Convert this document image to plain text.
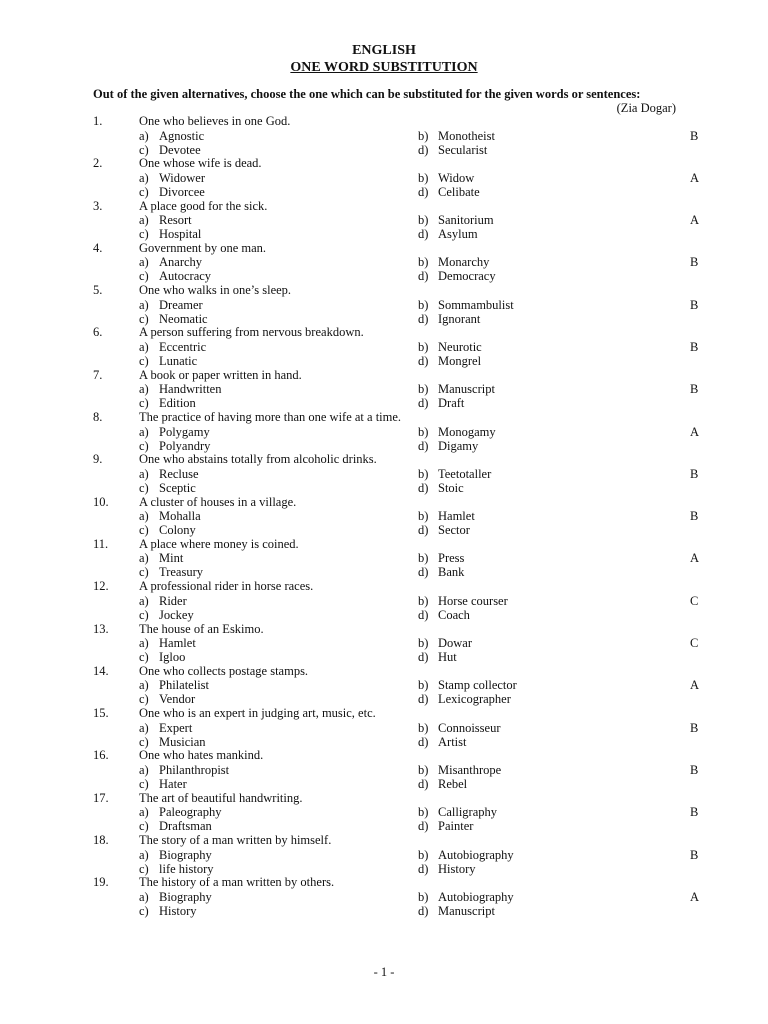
ENGLISH
ONE WORD SUBSTITUTION
Out of the given alternatives, choose the one which can be substituted for the given words or sentences:
(Zia Dogar)
1.	One who believes in one God.
a) Agnostic	b) Monotheist
c) Devotee	d) Secularist
B
2.	One whose wife is dead.
a) Widower	b) Widow
c) Divorcee	d) Celibate
A
3.	A place good for the sick.
a) Resort	b) Sanitorium
c) Hospital	d) Asylum
A
4.	Government by one man.
a) Anarchy	b) Monarchy
c) Autocracy	d) Democracy
B
5.	One who walks in one’s sleep.
a) Dreamer	b) Sommambulist
c) Neomatic	d) Ignorant
B
6.	A person suffering from nervous breakdown.
a) Eccentric	b) Neurotic
c) Lunatic	d) Mongrel
B
7.	A book or paper written in hand.
a) Handwritten	b) Manuscript
c) Edition	d) Draft
B
8.	The practice of having more than one wife at a time.
a) Polygamy	b) Monogamy
c) Polyandry	d) Digamy
A
9.	One who abstains totally from alcoholic drinks.
a) Recluse	b) Teetotaller
c) Sceptic	d) Stoic
B
10. A cluster of houses in a village.
a) Mohalla	b) Hamlet
c) Colony	d) Sector
B
11. A place where money is coined.
a) Mint	b) Press
c) Treasury	d) Bank
A
12. A professional rider in horse races.
a) Rider	b) Horse courser
c) Jockey	d) Coach
C
13. The house of an Eskimo.
a) Hamlet	b) Dowar
c) Igloo	d) Hut
C
14. One who collects postage stamps.
a) Philatelist	b) Stamp collector
c) Vendor	d) Lexicographer
A
15. One who is an expert in judging art, music, etc.
a) Expert	b) Connoisseur
c) Musician	d) Artist
B
16. One who hates mankind.
a) Philanthropist	b) Misanthrope
c) Hater	d) Rebel
B
17. The art of beautiful handwriting.
a) Paleography	b) Calligraphy
c) Draftsman	d) Painter
B
18. The story of a man written by himself.
a) Biography	b) Autobiography
c) life history	d) History
B
19. The history of a man written by others.
a) Biography	b) Autobiography
c) History	d) Manuscript
A
- 1 -
